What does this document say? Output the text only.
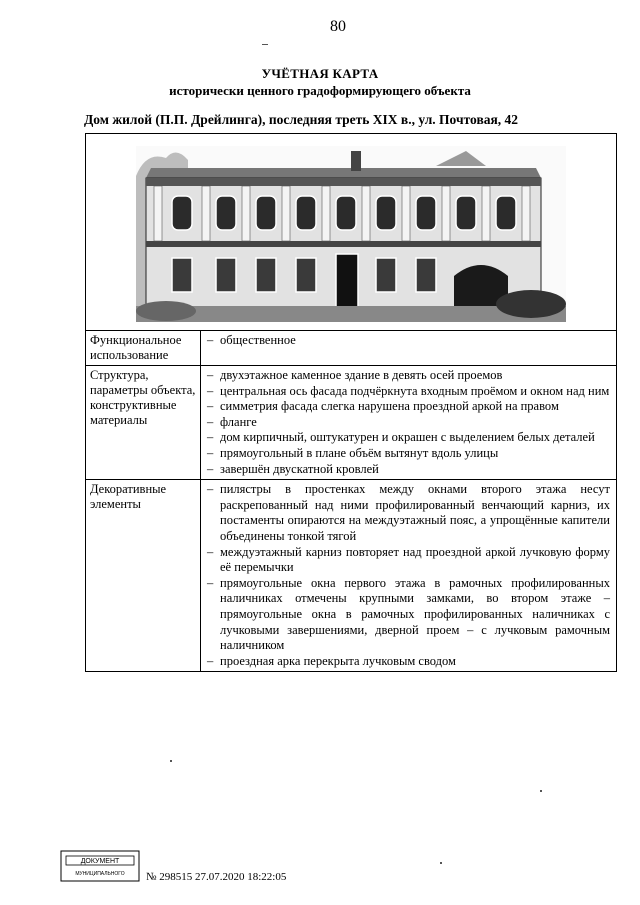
80
УЧЁТНАЯ КАРТА
исторически ценного градоформирующего объекта
Дом жилой (П.П. Дрейлинга), последняя треть XIX в., ул. Почтовая, 42
Функциональное использование
– общественное
Структура, параметры объекта, конструктивные материалы
– двухэтажное каменное здание в девять осей проемов
– центральная ось фасада подчёркнута входным проёмом и окном над ним
– симметрия фасада слегка нарушена проездной аркой на правом
– фланге
– дом кирпичный, оштукатурен и окрашен с выделением белых деталей
– прямоугольный в плане объём вытянут вдоль улицы
– завершён двускатной кровлей
Декоративные элементы
– пилястры в простенках между окнами второго этажа несут раскрепованный над ними профилированный венчающий карниз, их постаменты опираются на междуэтажный пояс, а упрощённые капители объединены тонкой тягой
– междуэтажный карниз повторяет над проездной аркой лучковую форму её перемычки
– прямоугольные окна первого этажа в рамочных профилированных наличниках отмечены крупными замками, во втором этаже – прямоугольные окна в рамочных профилированных наличниках с лучковыми завершениями, дверной проем – с лучковым рамочным наличником
– проездная арка перекрыта лучковым сводом
ДОКУМЕНТ
МУНИЦИПАЛЬНОГО № 298515 27.07.2020 18:22:05
